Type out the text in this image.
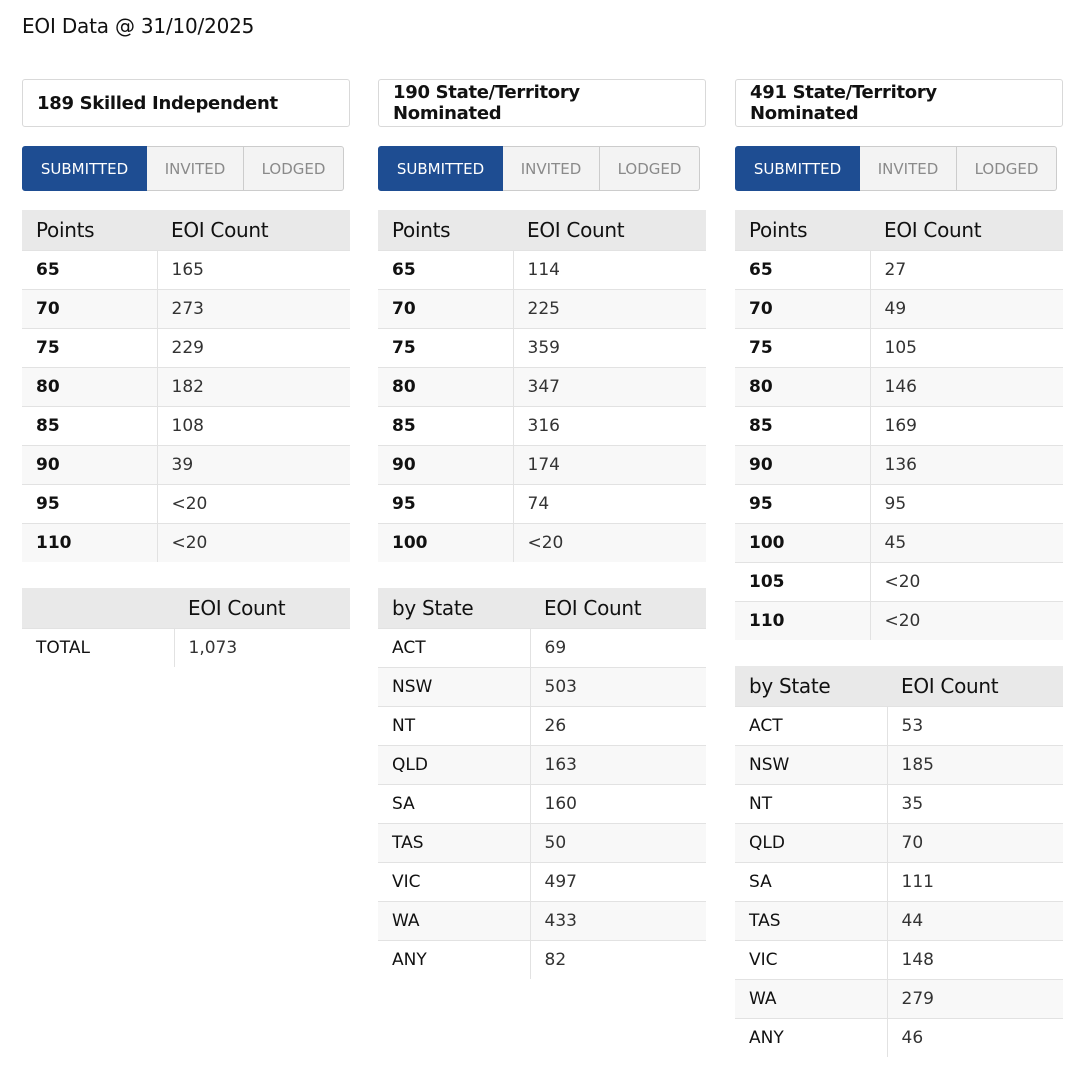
EOI Data @ 31/10/2025
189 Skilled Independent
SUBMITTED	INVITED	LODGED
Points	EOI Count
65	165
70	273
75	229
80	182
85	108
90	39
95	<20
110	<20
	EOI Count
TOTAL	1,073
190 State/Territory Nominated
SUBMITTED	INVITED	LODGED
Points	EOI Count
65	114
70	225
75	359
80	347
85	316
90	174
95	74
100	<20
by State	EOI Count
ACT	69
NSW	503
NT	26
QLD	163
SA	160
TAS	50
VIC	497
WA	433
ANY	82
491 State/Territory Nominated
SUBMITTED	INVITED	LODGED
Points	EOI Count
65	27
70	49
75	105
80	146
85	169
90	136
95	95
100	45
105	<20
110	<20
by State	EOI Count
ACT	53
NSW	185
NT	35
QLD	70
SA	111
TAS	44
VIC	148
WA	279
ANY	46
